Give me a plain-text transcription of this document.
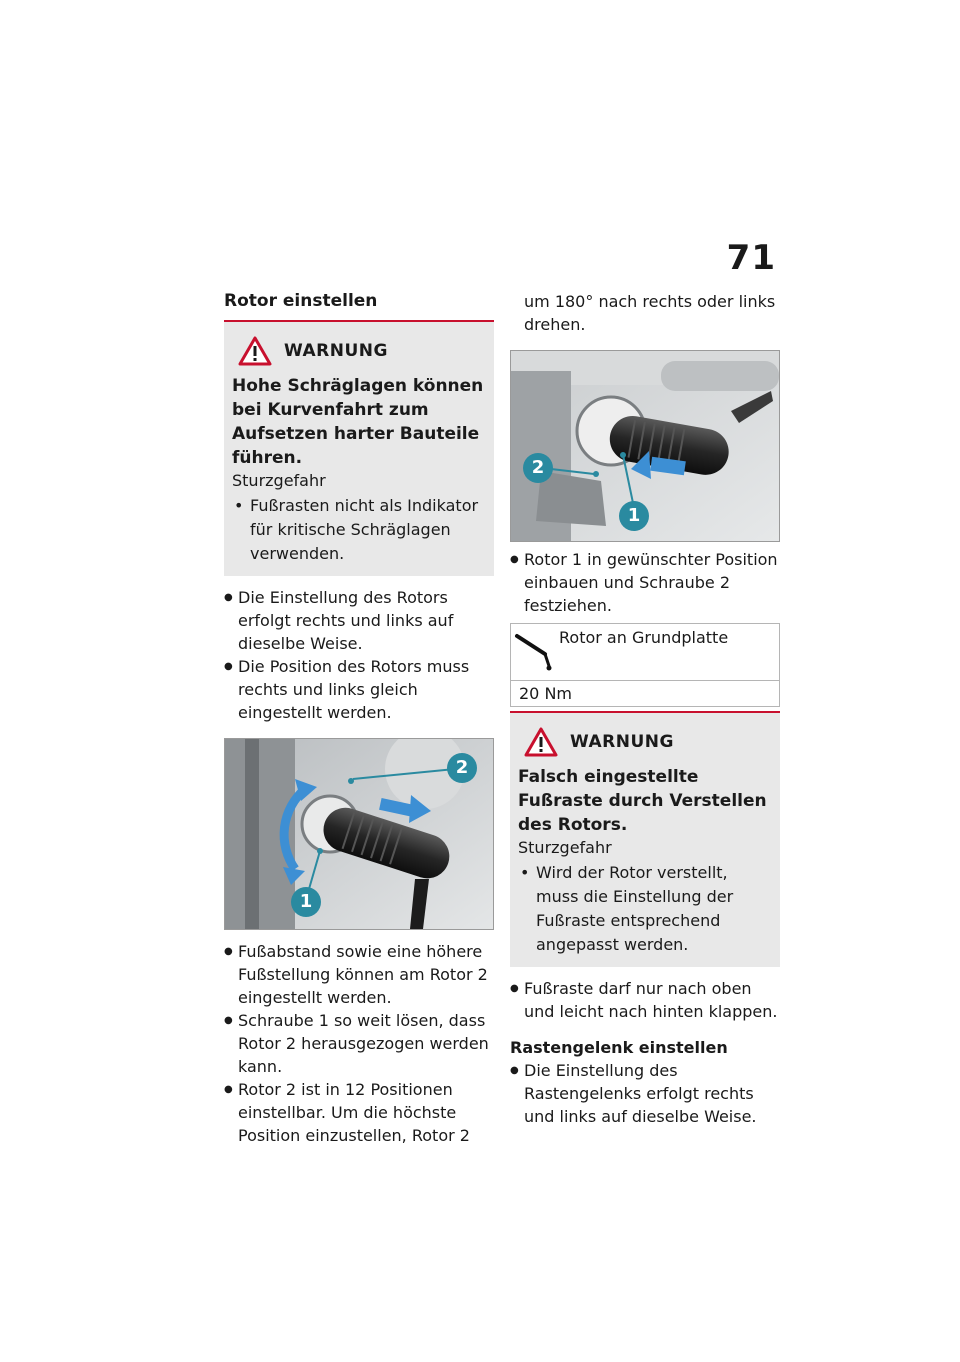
71
Rotor einstellen
WARNUNG
Hohe Schräglagen können bei Kurvenfahrt zum Aufsetzen harter Bauteile führen.
Sturzgefahr
• Fußrasten nicht als Indikator für kritische Schräglagen verwenden.
● Die Einstellung des Rotors erfolgt rechts und links auf dieselbe Weise.
● Die Position des Rotors muss rechts und links gleich eingestellt werden.
2
1
● Fußabstand sowie eine höhere Fußstellung können am Rotor 2 eingestellt werden.
● Schraube 1 so weit lösen, dass Rotor 2 herausgezogen werden kann.
● Rotor 2 ist in 12 Positionen einstellbar. Um die höchste Position einzustellen, Rotor 2
um 180° nach rechts oder links drehen.
2
1
● Rotor 1 in gewünschter Position einbauen und Schraube 2 festziehen.
Rotor an Grundplatte
20 Nm
WARNUNG
Falsch eingestellte Fußraste durch Verstellen des Rotors.
Sturzgefahr
• Wird der Rotor verstellt, muss die Einstellung der Fußraste entsprechend angepasst werden.
● Fußraste darf nur nach oben und leicht nach hinten klappen.
Rastengelenk einstellen
● Die Einstellung des Rastengelenks erfolgt rechts und links auf dieselbe Weise.
